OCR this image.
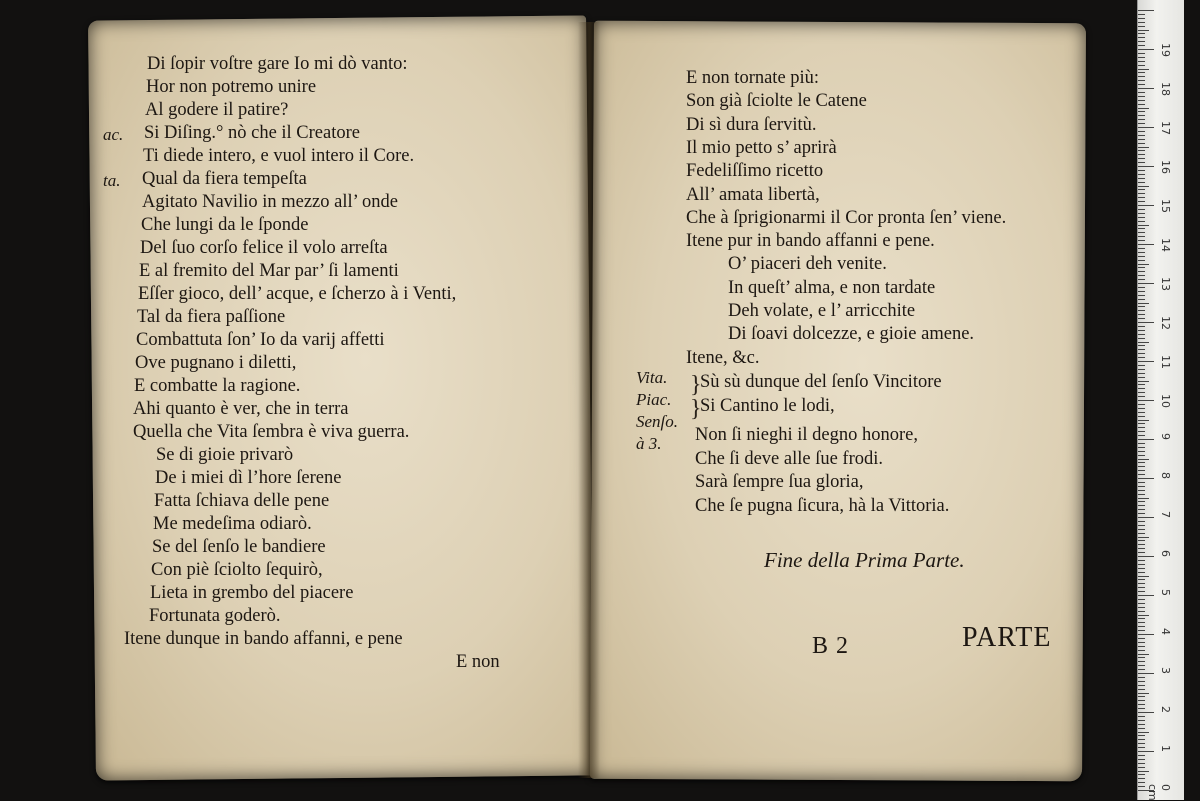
Di ſopir voſtre gare Io mi dò vanto:
Hor non potremo unire
Al godere il patire?
Si Diſing.° nò che il Creatore
Ti diede intero, e vuol intero il Core.
Qual da fiera tempeſta
Agitato Navilio in mezzo all’ onde
Che lungi da le ſponde
Del ſuo corſo felice il volo arreſta
E al fremito del Mar par’ ſi lamenti
Eſſer gioco, dell’ acque, e ſcherzo à i Venti,
Tal da fiera paſſione
Combattuta ſon’ Io da varij affetti
Ove pugnano i diletti,
E combatte la ragione.
Ahi quanto è ver, che in terra
Quella che Vita ſembra è viva guerra.
Se di gioie privarò
De i miei dì l’hore ſerene
Fatta ſchiava delle pene
Me medeſima odiarò.
Se del ſenſo le bandiere
Con piè ſciolto ſequirò,
Lieta in grembo del piacere
Fortunata goderò.
Itene dunque in bando affanni, e pene
ac.
ta.
E non
E non tornate più:
Son già ſciolte le Catene
Di sì dura ſervitù.
Il mio petto s’ aprirà
Fedeliſſimo ricetto
All’ amata libertà,
Che à ſprigionarmi il Cor pronta ſen’ viene.
Itene pur in bando affanni e pene.
O’ piaceri deh venite.
In queſt’ alma, e non tardate
Deh volate, e l’ arricchite
Di ſoavi dolcezze, e gioie amene.
Itene, &c.
Vita.
Piac.
Senſo.
à 3.
}
}
Sù sù dunque del ſenſo Vincitore
Si Cantino le lodi,
Non ſi nieghi il degno honore,
Che ſi deve alle ſue frodi.
Sarà ſempre ſua gloria,
Che ſe pugna ſicura, hà la Vittoria.
Fine della Prima Parte.
B 2	PARTE
19
18
17
16
15
14
13
12
11
10
9
8
7
6
5
4
3
2
1
0 cm
